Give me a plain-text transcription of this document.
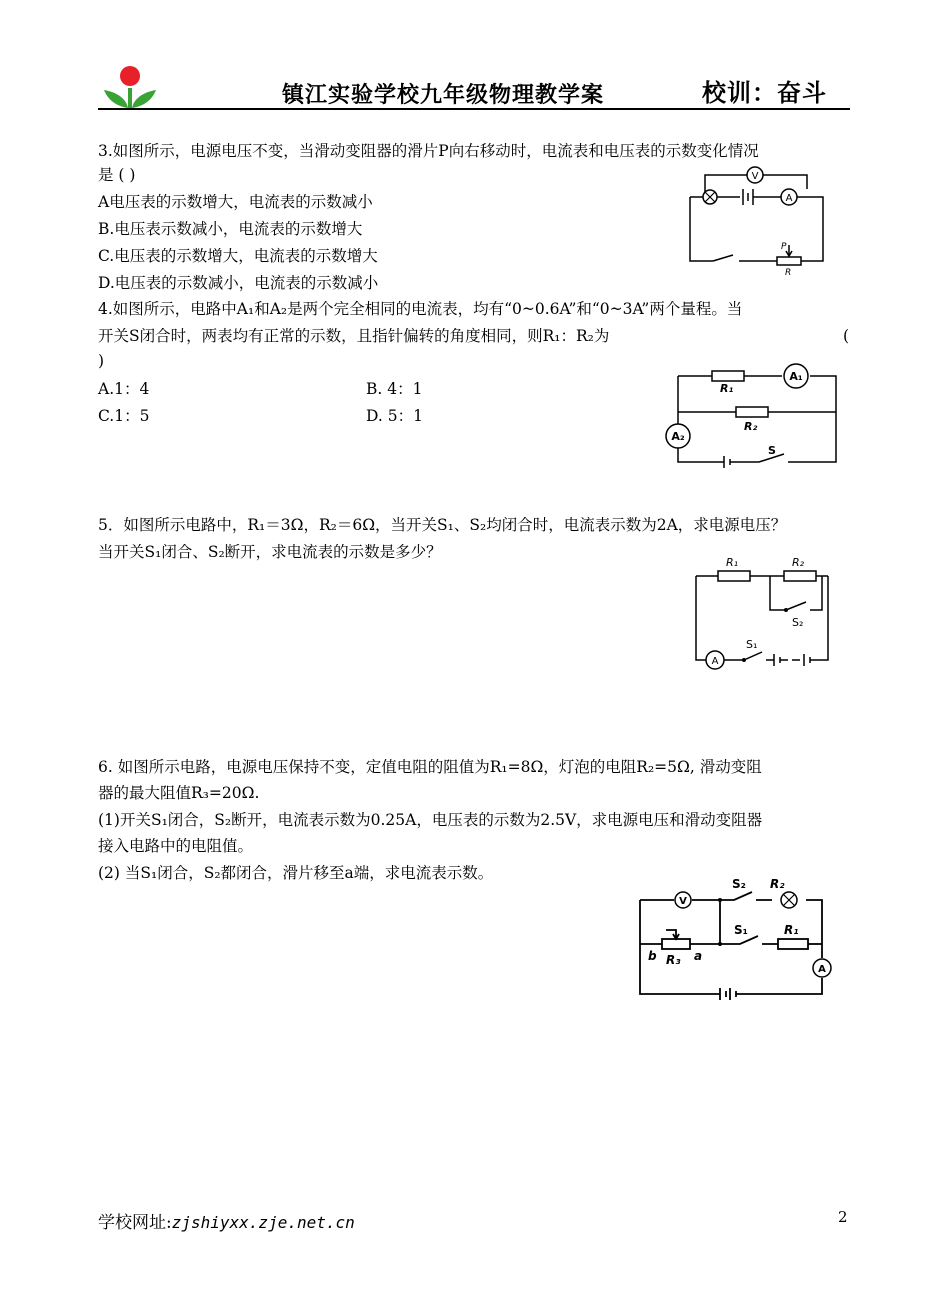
镇江实验学校九年级物理教学案	校训：奋斗
3.如图所示，电源电压不变，当滑动变阻器的滑片P向右移动时，电流表和电压表的示数变化情况
是 ( )
A电压表的示数增大，电流表的示数减小
B.电压表示数减小，电流表的示数增大
C.电压表的示数增大，电流表的示数增大
D.电压表的示数减小，电流表的示数减小
A
V
P
R
4.如图所示，电路中A₁和A₂是两个完全相同的电流表，均有“0~0.6A”和“0~3A”两个量程。当
开关S闭合时，两表均有正常的示数，且指针偏转的角度相同，则R₁：R₂为	(
)
A.1：4	B. 4：1
C.1：5	D. 5：1
R₁
R₂
A₁
A₂
S
5．如图所示电路中，R₁＝3Ω，R₂＝6Ω，当开关S₁、S₂均闭合时，电流表示数为2A，求电源电压？
当开关S₁闭合、S₂断开，求电流表的示数是多少？
A
R₁	R₂
S₁
S₂
6. 如图所示电路，电源电压保持不变，定值电阻的阻值为R₁=8Ω，灯泡的电阻R₂=5Ω, 滑动变阻
器的最大阻值R₃=20Ω.
(1)开关S₁闭合，S₂断开，电流表示数为0.25A，电压表的示数为2.5V，求电源电压和滑动变阻器
接入电路中的电阻值。
(2) 当S₁闭合，S₂都闭合，滑片移至a端，求电流表示数。
V
A
S₂ R₂
S₁	R₁
R₃
b	a
学校网址:zjshiyxx.zje.net.cn	2
